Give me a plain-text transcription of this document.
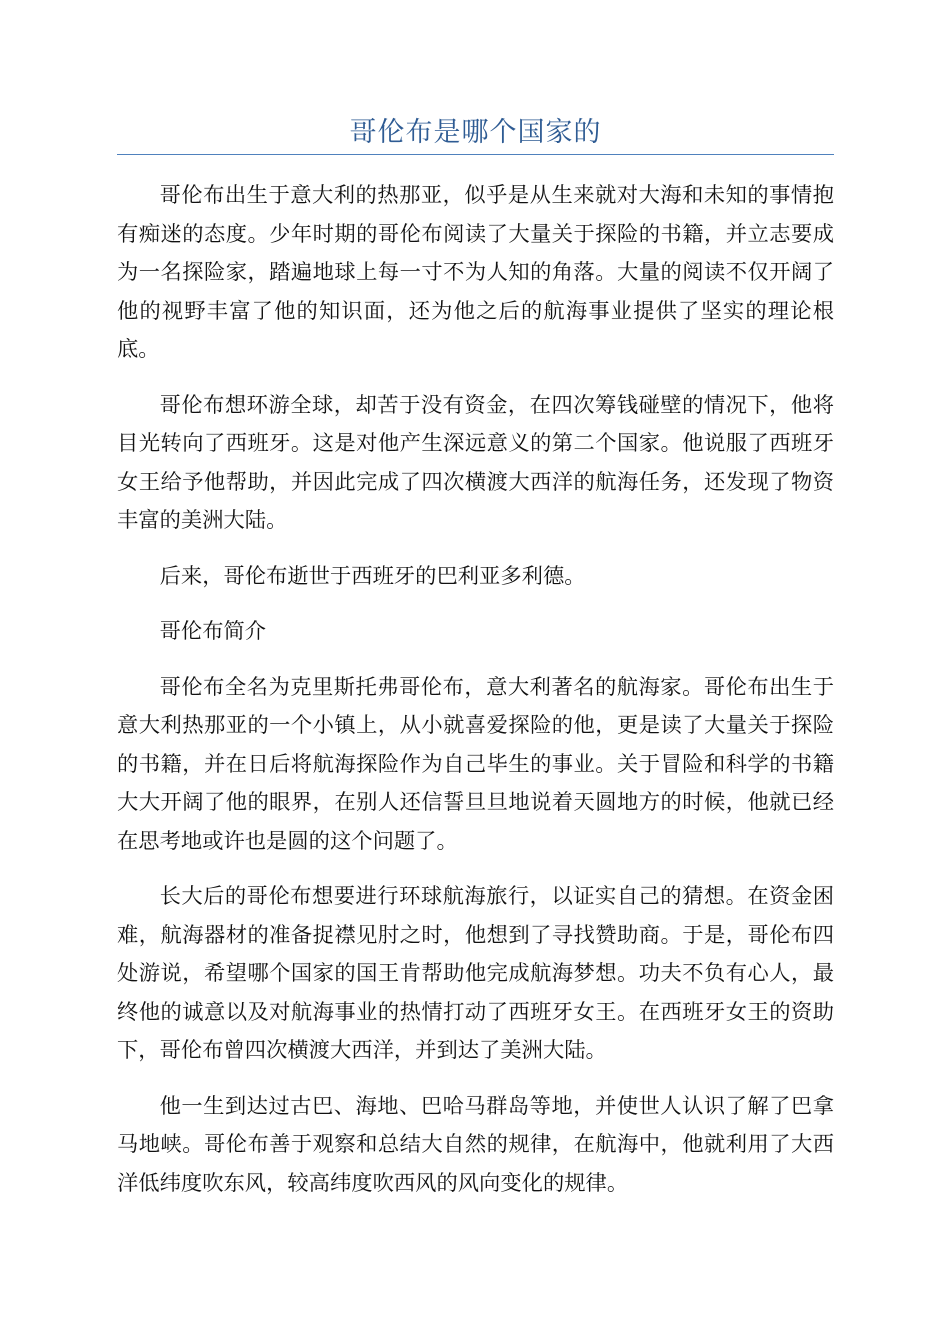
哥伦布是哪个国家的

哥伦布出生于意大利的热那亚，似乎是从生来就对大海和未知的事情抱有痴迷的态度。少年时期的哥伦布阅读了大量关于探险的书籍，并立志要成为一名探险家，踏遍地球上每一寸不为人知的角落。大量的阅读不仅开阔了他的视野丰富了他的知识面，还为他之后的航海事业提供了坚实的理论根底。

哥伦布想环游全球，却苦于没有资金，在四次筹钱碰壁的情况下，他将目光转向了西班牙。这是对他产生深远意义的第二个国家。他说服了西班牙女王给予他帮助，并因此完成了四次横渡大西洋的航海任务，还发现了物资丰富的美洲大陆。

后来，哥伦布逝世于西班牙的巴利亚多利德。

哥伦布简介

哥伦布全名为克里斯托弗哥伦布，意大利著名的航海家。哥伦布出生于意大利热那亚的一个小镇上，从小就喜爱探险的他，更是读了大量关于探险的书籍，并在日后将航海探险作为自己毕生的事业。关于冒险和科学的书籍大大开阔了他的眼界，在别人还信誓旦旦地说着天圆地方的时候，他就已经在思考地或许也是圆的这个问题了。

长大后的哥伦布想要进行环球航海旅行，以证实自己的猜想。在资金困难，航海器材的准备捉襟见肘之时，他想到了寻找赞助商。于是，哥伦布四处游说，希望哪个国家的国王肯帮助他完成航海梦想。功夫不负有心人，最终他的诚意以及对航海事业的热情打动了西班牙女王。在西班牙女王的资助下，哥伦布曾四次横渡大西洋，并到达了美洲大陆。

他一生到达过古巴、海地、巴哈马群岛等地，并使世人认识了解了巴拿马地峡。哥伦布善于观察和总结大自然的规律，在航海中，他就利用了大西洋低纬度吹东风，较高纬度吹西风的风向变化的规律。
